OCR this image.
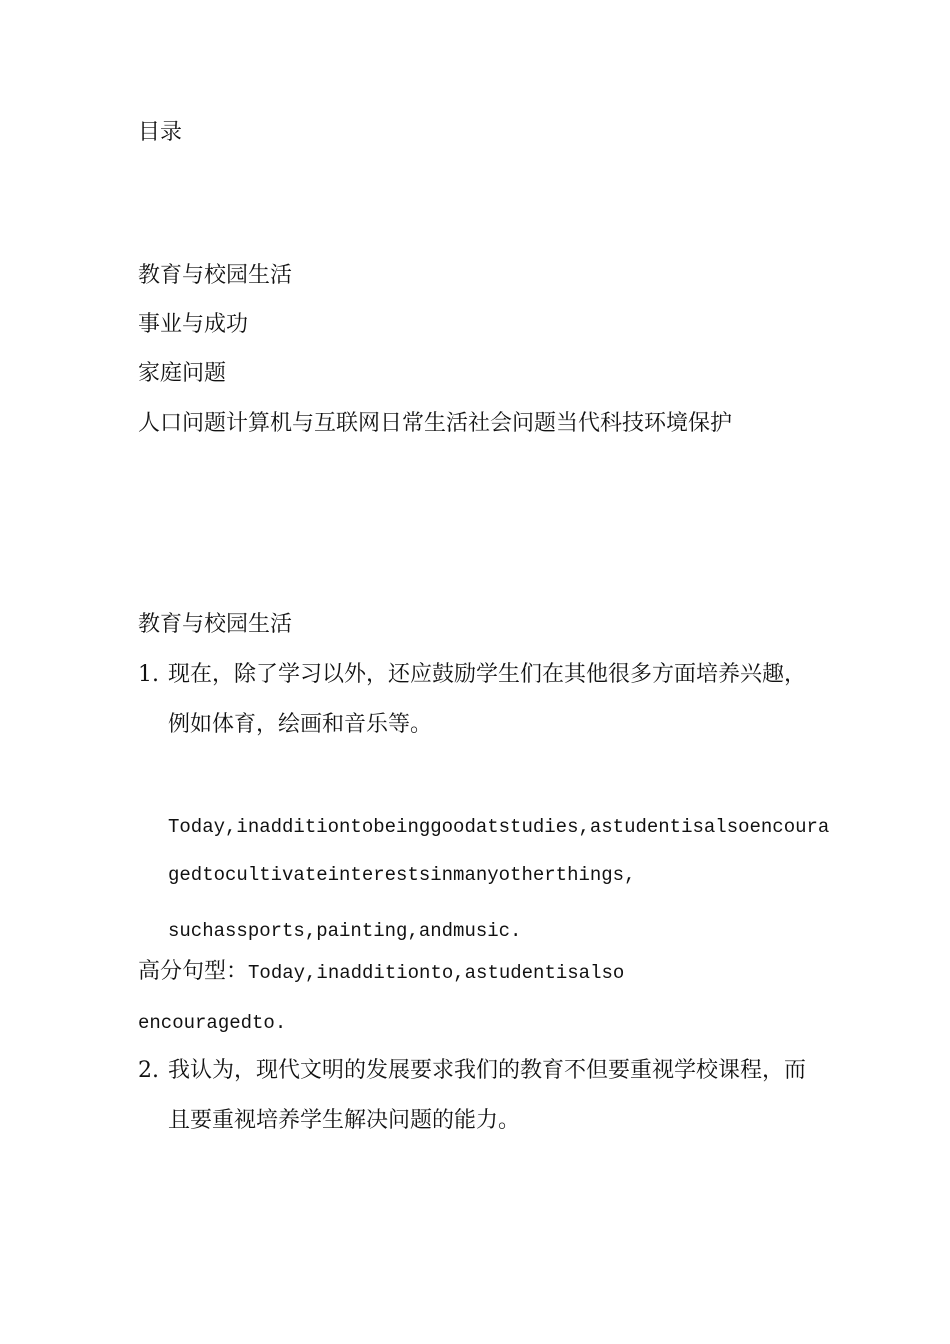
目录
教育与校园生活
事业与成功
家庭问题
人口问题计算机与互联网日常生活社会问题当代科技环境保护
教育与校园生活
1. 现在，除了学习以外，还应鼓励学生们在其他很多方面培养兴趣，
例如体育，绘画和音乐等。
Today,inadditiontobeinggoodatstudies,astudentisalsoencoura
gedtocultivateinterestsinmanyotherthings,
suchassports,painting,andmusic.
高分句型：Today,inadditionto,astudentisalso
encouragedto.
2. 我认为，现代文明的发展要求我们的教育不但要重视学校课程，而
且要重视培养学生解决问题的能力。
